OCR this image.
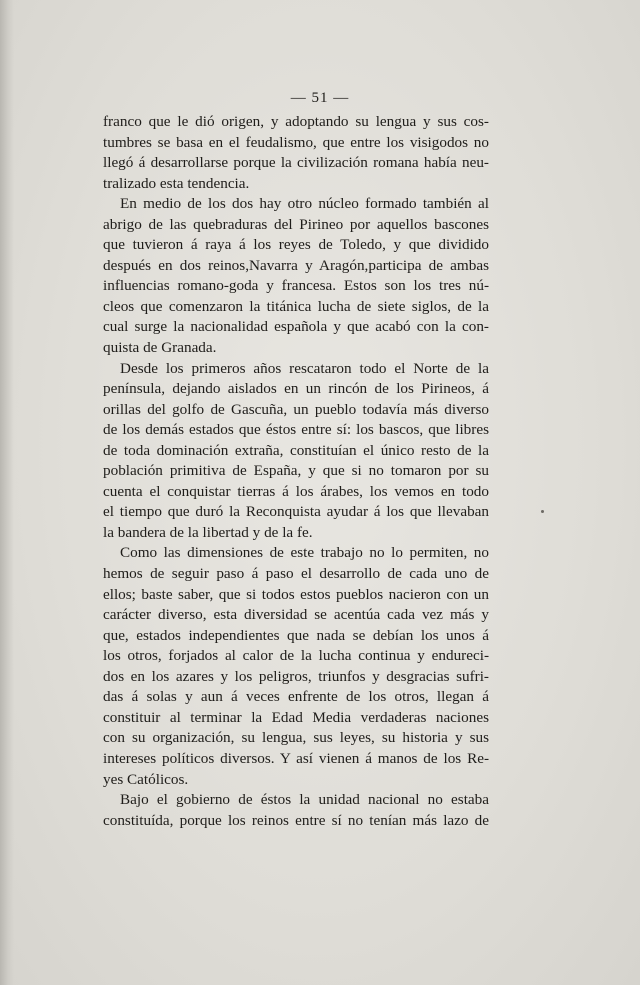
— 51 —
franco que le dió origen, y adoptando su lengua y sus cos-
tumbres se basa en el feudalismo, que entre los visigodos no
llegó á desarrollarse porque la civilización romana había neu-
tralizado esta tendencia.
En medio de los dos hay otro núcleo formado también al
abrigo de las quebraduras del Pirineo por aquellos bascones
que tuvieron á raya á los reyes de Toledo, y que dividido
después en dos reinos,Navarra y Aragón,participa de ambas
influencias romano-goda y francesa. Estos son los tres nú-
cleos que comenzaron la titánica lucha de siete siglos, de la
cual surge la nacionalidad española y que acabó con la con-
quista de Granada.
Desde los primeros años rescataron todo el Norte de la
península, dejando aislados en un rincón de los Pirineos, á
orillas del golfo de Gascuña, un pueblo todavía más diverso
de los demás estados que éstos entre sí: los bascos, que libres
de toda dominación extraña, constituían el único resto de la
población primitiva de España, y que si no tomaron por su
cuenta el conquistar tierras á los árabes, los vemos en todo
el tiempo que duró la Reconquista ayudar á los que llevaban
la bandera de la libertad y de la fe.
Como las dimensiones de este trabajo no lo permiten, no
hemos de seguir paso á paso el desarrollo de cada uno de
ellos; baste saber, que si todos estos pueblos nacieron con un
carácter diverso, esta diversidad se acentúa cada vez más y
que, estados independientes que nada se debían los unos á
los otros, forjados al calor de la lucha continua y endureci-
dos en los azares y los peligros, triunfos y desgracias sufri-
das á solas y aun á veces enfrente de los otros, llegan á
constituir al terminar la Edad Media verdaderas naciones
con su organización, su lengua, sus leyes, su historia y sus
intereses políticos diversos. Y así vienen á manos de los Re-
yes Católicos.
Bajo el gobierno de éstos la unidad nacional no estaba
constituída, porque los reinos entre sí no tenían más lazo de
